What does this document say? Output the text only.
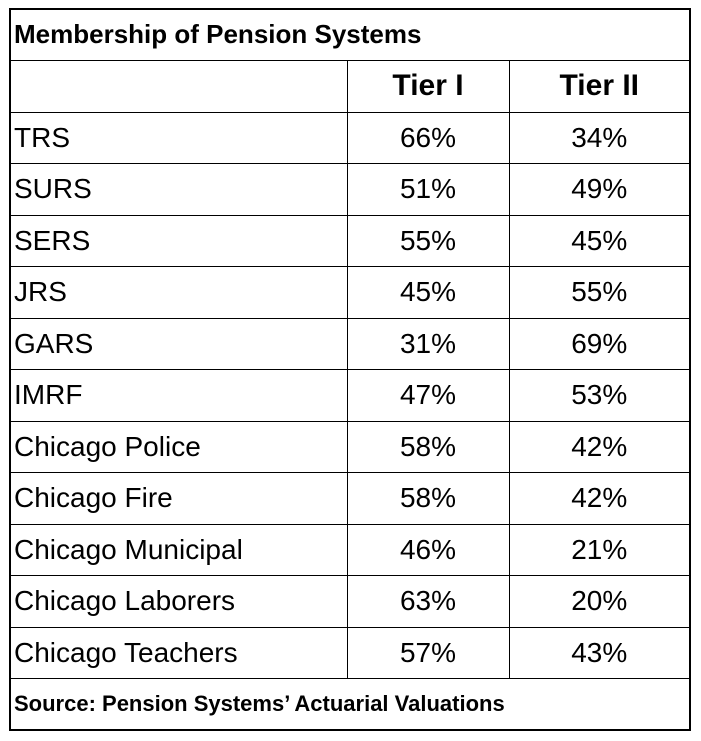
Membership of Pension Systems		
	Tier I	Tier II
TRS	66%	34%
SURS	51%	49%
SERS	55%	45%
JRS	45%	55%
GARS	31%	69%
IMRF	47%	53%
Chicago Police	58%	42%
Chicago Fire	58%	42%
Chicago Municipal	46%	21%
Chicago Laborers	63%	20%
Chicago Teachers	57%	43%
Source: Pension Systems’ Actuarial Valuations		
